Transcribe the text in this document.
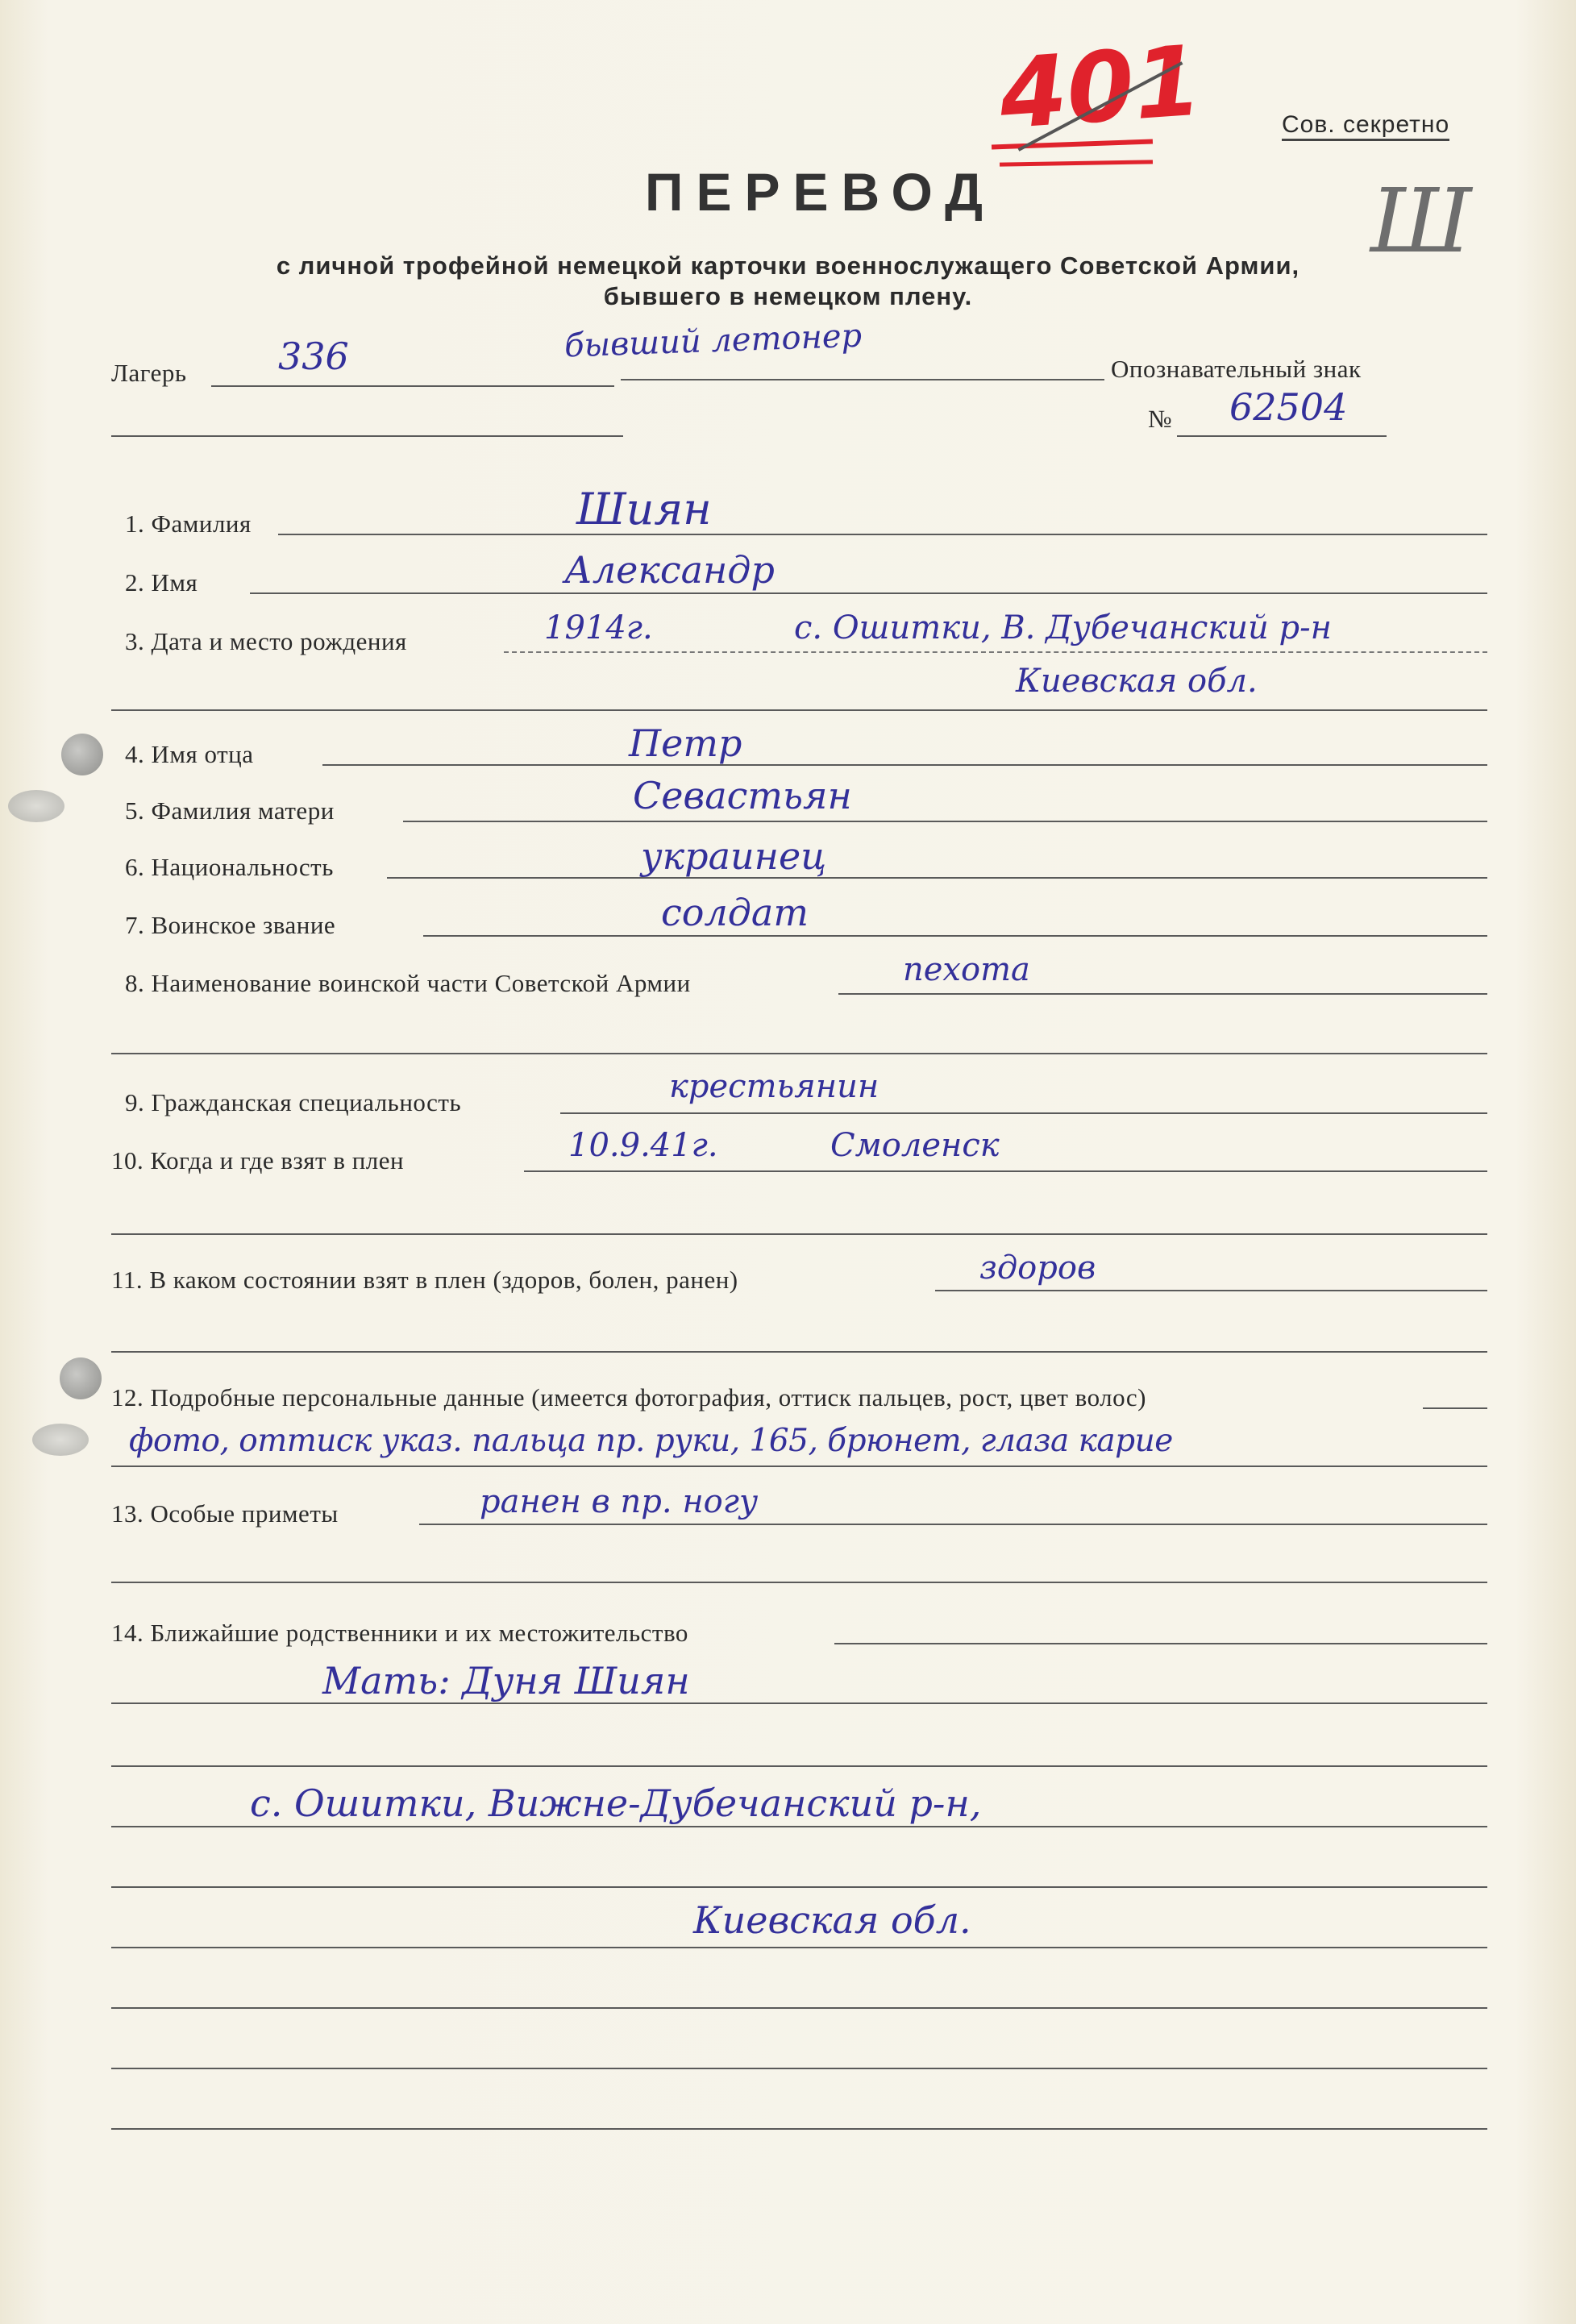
401	Сов. секретно
Ш
ПЕРЕВОД
с личной трофейной немецкой карточки военнослужащего Советской Армии,
бывшего в немецком плену.
Лагерь 336	бывший летонер
Опознавательный знак
№ 62504
1. Фамилия	Шиян
2. Имя	Александр
3. Дата и место рождения	1914г.	с. Ошитки, В. Дубечанский р-н
Киевская обл.
4. Имя отца	Петр
5. Фамилия матери	Севастьян
6. Национальность	украинец
7. Воинское звание	солдат
8. Наименование воинской части Советской Армии	пехота
9. Гражданская специальность	крестьянин
10. Когда и где взят в плен	10.9.41г.	Смоленск
11. В каком состоянии взят в плен (здоров, болен, ранен)	здоров
12. Подробные персональные данные (имеется фотография, оттиск пальцев, рост, цвет волос)
фото, оттиск указ. пальца пр. руки, 165, брюнет, глаза карие
13. Особые приметы	ранен в пр. ногу
14. Ближайшие родственники и их местожительство
Мать: Дуня Шиян
с. Ошитки, Вижне-Дубечанский р-н,
Киевская обл.
